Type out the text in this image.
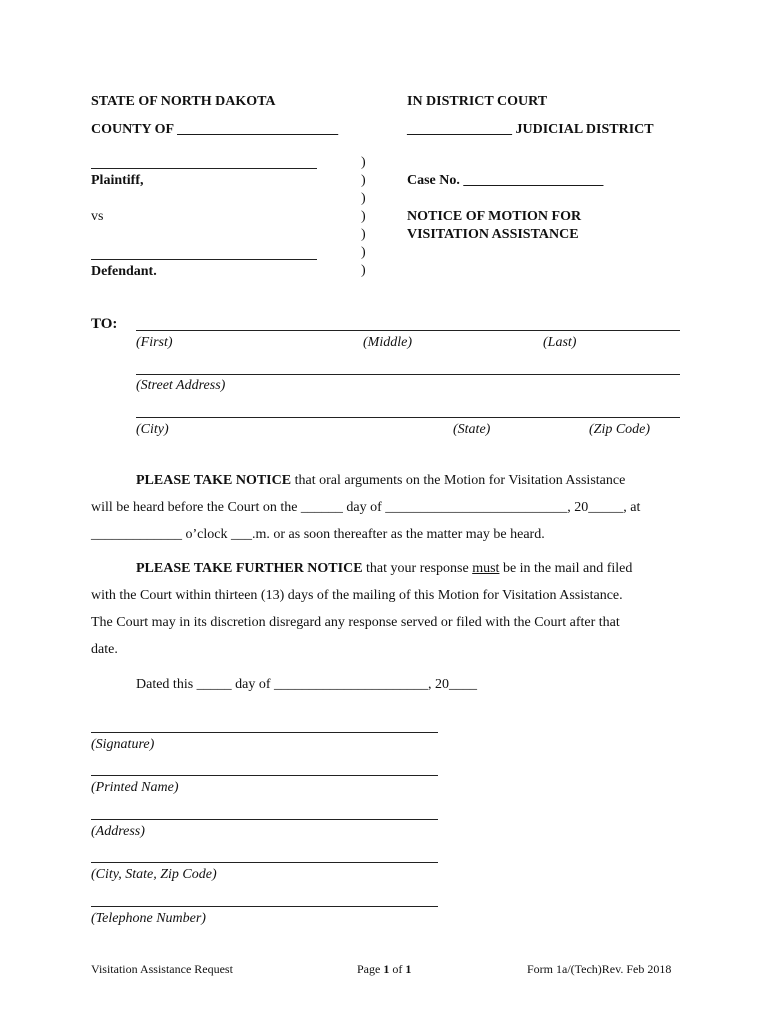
STATE OF NORTH DAKOTA	IN DISTRICT COURT
COUNTY OF _______________________	_______________ JUDICIAL DISTRICT
Plaintiff,
vs
Defendant.
)
)
)
)
)
)
)
Case No. ____________________
NOTICE OF MOTION FOR
VISITATION ASSISTANCE
TO:
(First)	(Middle)	(Last)
(Street Address)
(City)	(State)	(Zip Code)
PLEASE TAKE NOTICE that oral arguments on the Motion for Visitation Assistance
will be heard before the Court on the ______ day of __________________________, 20_____, at
_____________ o’clock ___.m. or as soon thereafter as the matter may be heard.
PLEASE TAKE FURTHER NOTICE that your response must be in the mail and filed
with the Court within thirteen (13) days of the mailing of this Motion for Visitation Assistance.
The Court may in its discretion disregard any response served or filed with the Court after that
date.
Dated this _____ day of ______________________, 20____
(Signature)
(Printed Name)
(Address)
(City, State, Zip Code)
(Telephone Number)
Visitation Assistance Request	Page 1 of 1	Form 1a/(Tech)Rev. Feb 2018
